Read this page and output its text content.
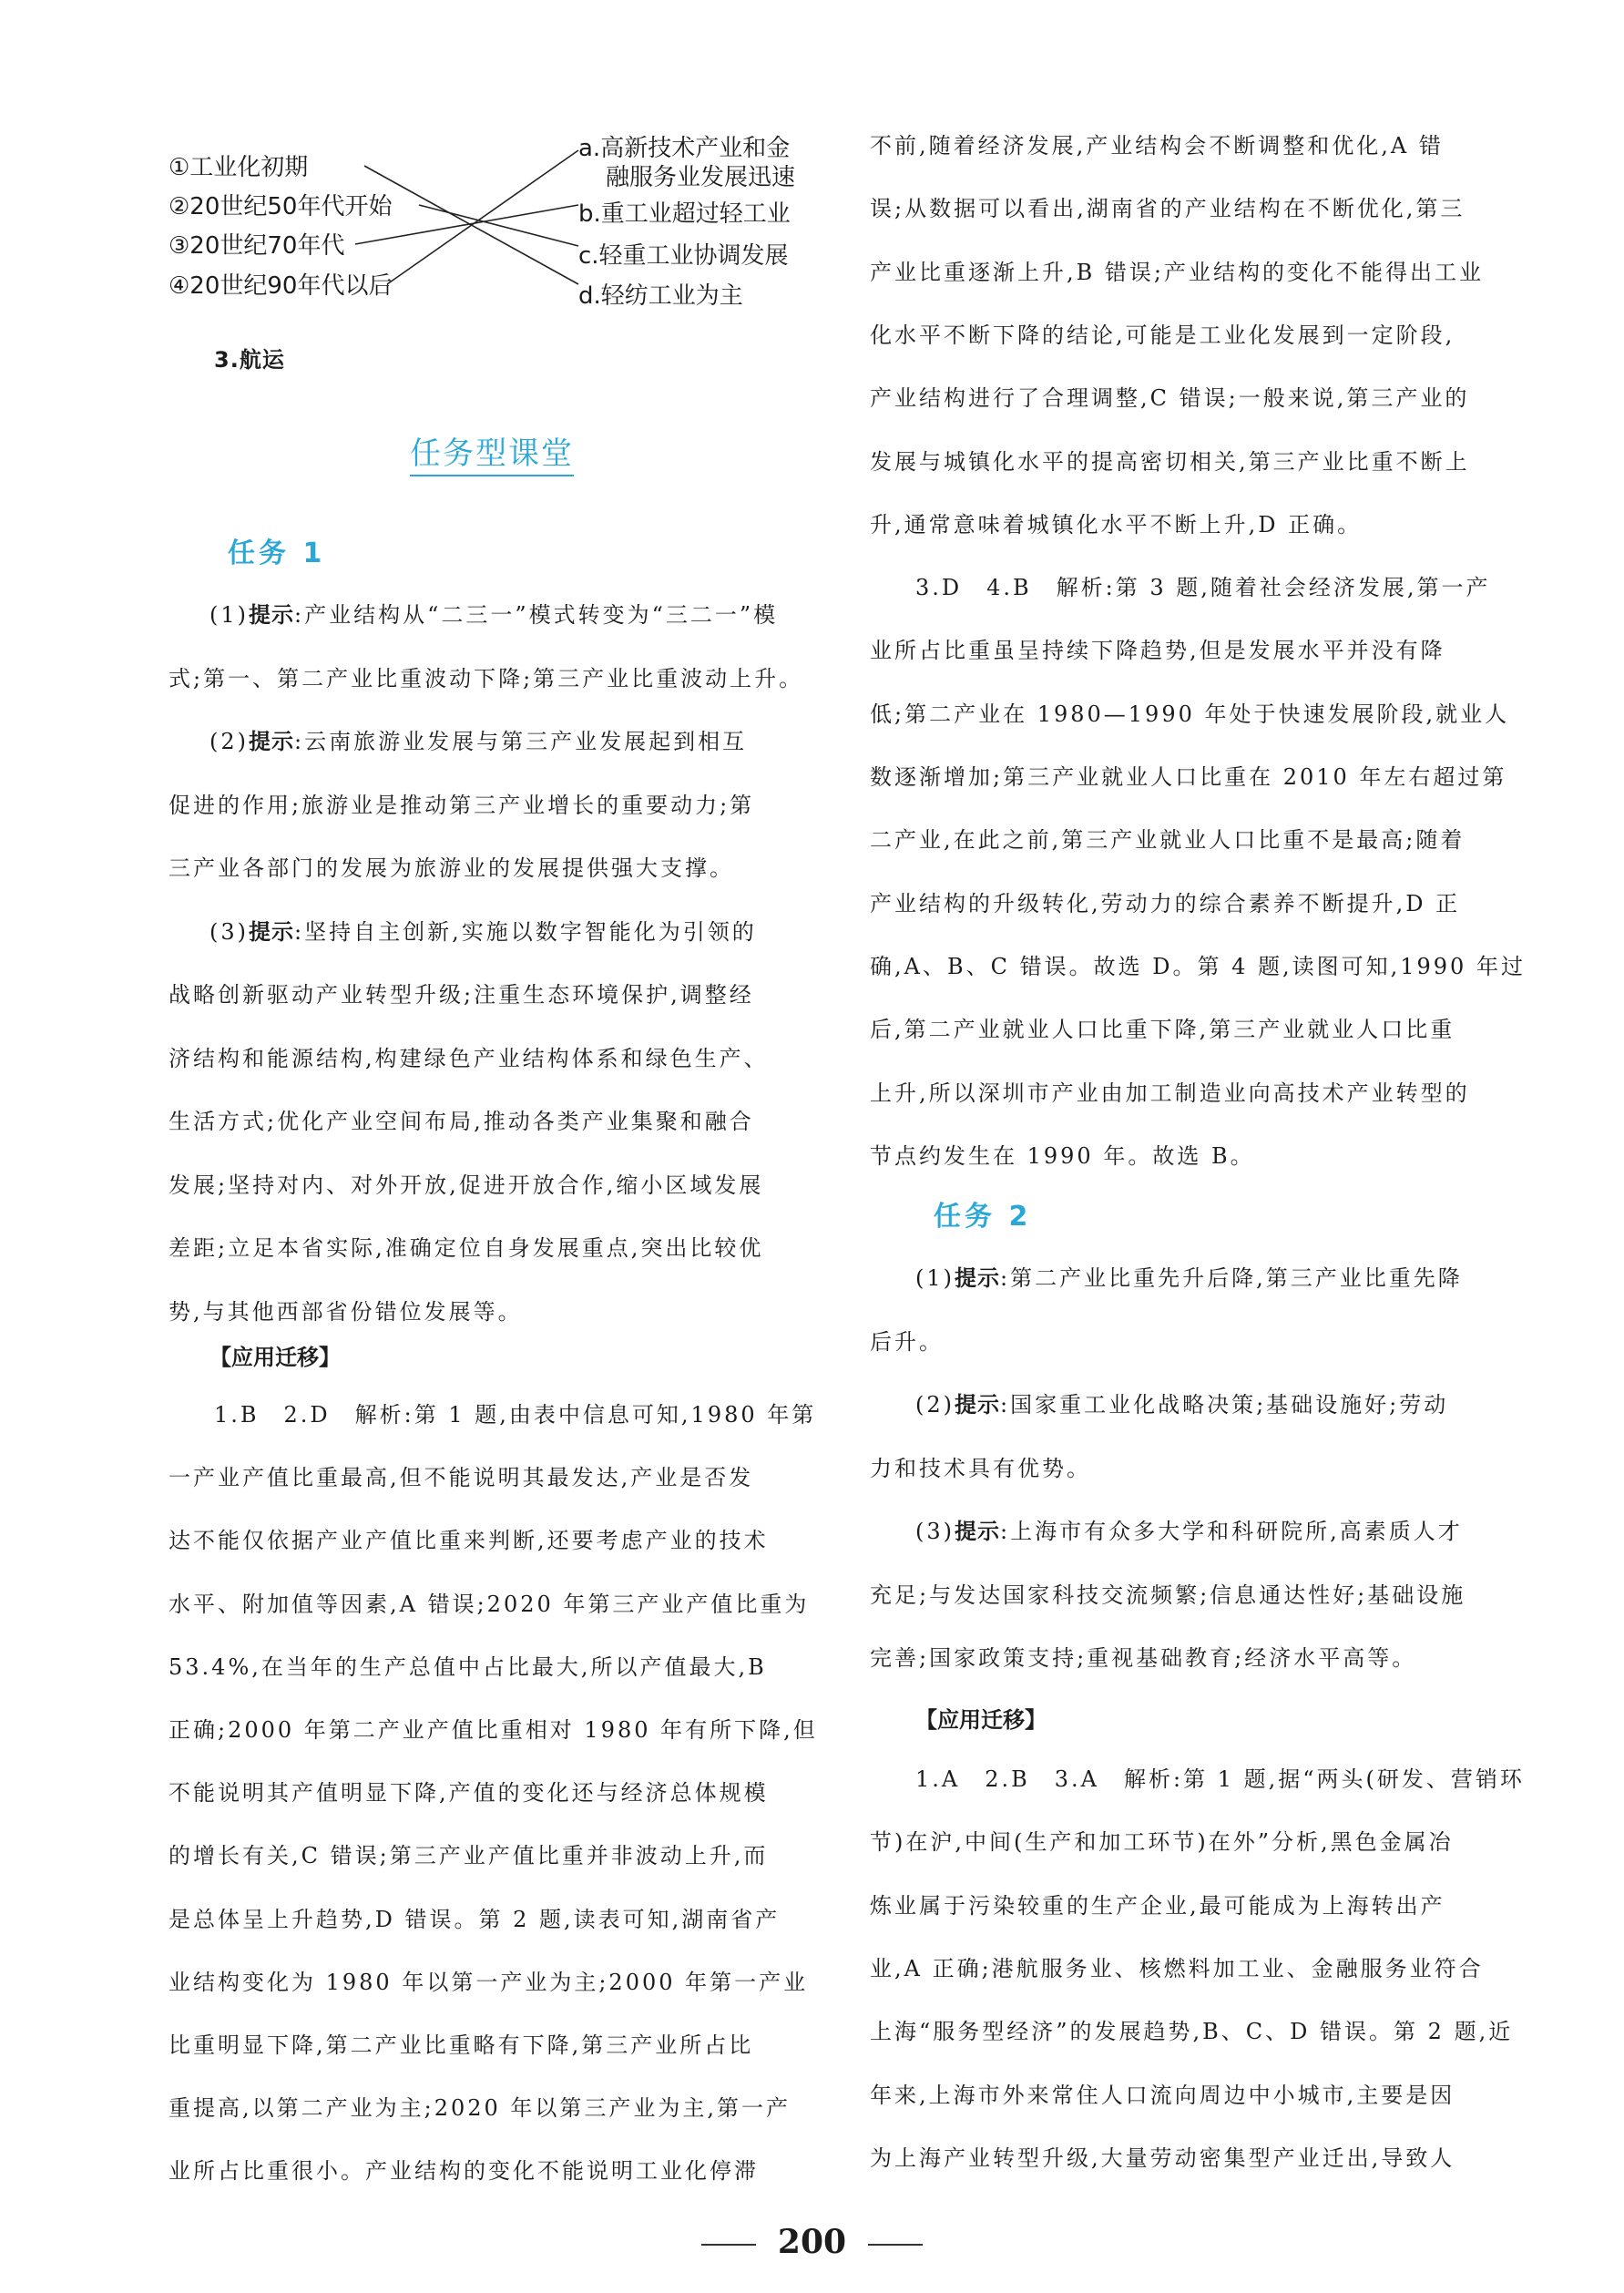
①工业化初期
②20世纪50年代开始
③20世纪70年代
④20世纪90年代以后
a.高新技术产业和金
融服务业发展迅速
b.重工业超过轻工业
c.轻重工业协调发展
d.轻纺工业为主
3.航运
任务型课堂
任务 1
(1)提示:产业结构从“二三一”模式转变为“三二一”模
式;第一、第二产业比重波动下降;第三产业比重波动上升。
(2)提示:云南旅游业发展与第三产业发展起到相互
促进的作用;旅游业是推动第三产业增长的重要动力;第
三产业各部门的发展为旅游业的发展提供强大支撑。
(3)提示:坚持自主创新,实施以数字智能化为引领的
战略创新驱动产业转型升级;注重生态环境保护,调整经
济结构和能源结构,构建绿色产业结构体系和绿色生产、
生活方式;优化产业空间布局,推动各类产业集聚和融合
发展;坚持对内、对外开放,促进开放合作,缩小区域发展
差距;立足本省实际,准确定位自身发展重点,突出比较优
势,与其他西部省份错位发展等。
【应用迁移】
1.B　2.D　解析:第 1 题,由表中信息可知,1980 年第
一产业产值比重最高,但不能说明其最发达,产业是否发
达不能仅依据产业产值比重来判断,还要考虑产业的技术
水平、附加值等因素,A 错误;2020 年第三产业产值比重为
53.4%,在当年的生产总值中占比最大,所以产值最大,B
正确;2000 年第二产业产值比重相对 1980 年有所下降,但
不能说明其产值明显下降,产值的变化还与经济总体规模
的增长有关,C 错误;第三产业产值比重并非波动上升,而
是总体呈上升趋势,D 错误。第 2 题,读表可知,湖南省产
业结构变化为 1980 年以第一产业为主;2000 年第一产业
比重明显下降,第二产业比重略有下降,第三产业所占比
重提高,以第二产业为主;2020 年以第三产业为主,第一产
业所占比重很小。产业结构的变化不能说明工业化停滞
不前,随着经济发展,产业结构会不断调整和优化,A 错
误;从数据可以看出,湖南省的产业结构在不断优化,第三
产业比重逐渐上升,B 错误;产业结构的变化不能得出工业
化水平不断下降的结论,可能是工业化发展到一定阶段,
产业结构进行了合理调整,C 错误;一般来说,第三产业的
发展与城镇化水平的提高密切相关,第三产业比重不断上
升,通常意味着城镇化水平不断上升,D 正确。
3.D　4.B　解析:第 3 题,随着社会经济发展,第一产
业所占比重虽呈持续下降趋势,但是发展水平并没有降
低;第二产业在 1980—1990 年处于快速发展阶段,就业人
数逐渐增加;第三产业就业人口比重在 2010 年左右超过第
二产业,在此之前,第三产业就业人口比重不是最高;随着
产业结构的升级转化,劳动力的综合素养不断提升,D 正
确,A、B、C 错误。故选 D。第 4 题,读图可知,1990 年过
后,第二产业就业人口比重下降,第三产业就业人口比重
上升,所以深圳市产业由加工制造业向高技术产业转型的
节点约发生在 1990 年。故选 B。
任务 2
(1)提示:第二产业比重先升后降,第三产业比重先降
后升。
(2)提示:国家重工业化战略决策;基础设施好;劳动
力和技术具有优势。
(3)提示:上海市有众多大学和科研院所,高素质人才
充足;与发达国家科技交流频繁;信息通达性好;基础设施
完善;国家政策支持;重视基础教育;经济水平高等。
【应用迁移】
1.A　2.B　3.A　解析:第 1 题,据“两头(研发、营销环
节)在沪,中间(生产和加工环节)在外”分析,黑色金属冶
炼业属于污染较重的生产企业,最可能成为上海转出产
业,A 正确;港航服务业、核燃料加工业、金融服务业符合
上海“服务型经济”的发展趋势,B、C、D 错误。第 2 题,近
年来,上海市外来常住人口流向周边中小城市,主要是因
为上海产业转型升级,大量劳动密集型产业迁出,导致人
200
